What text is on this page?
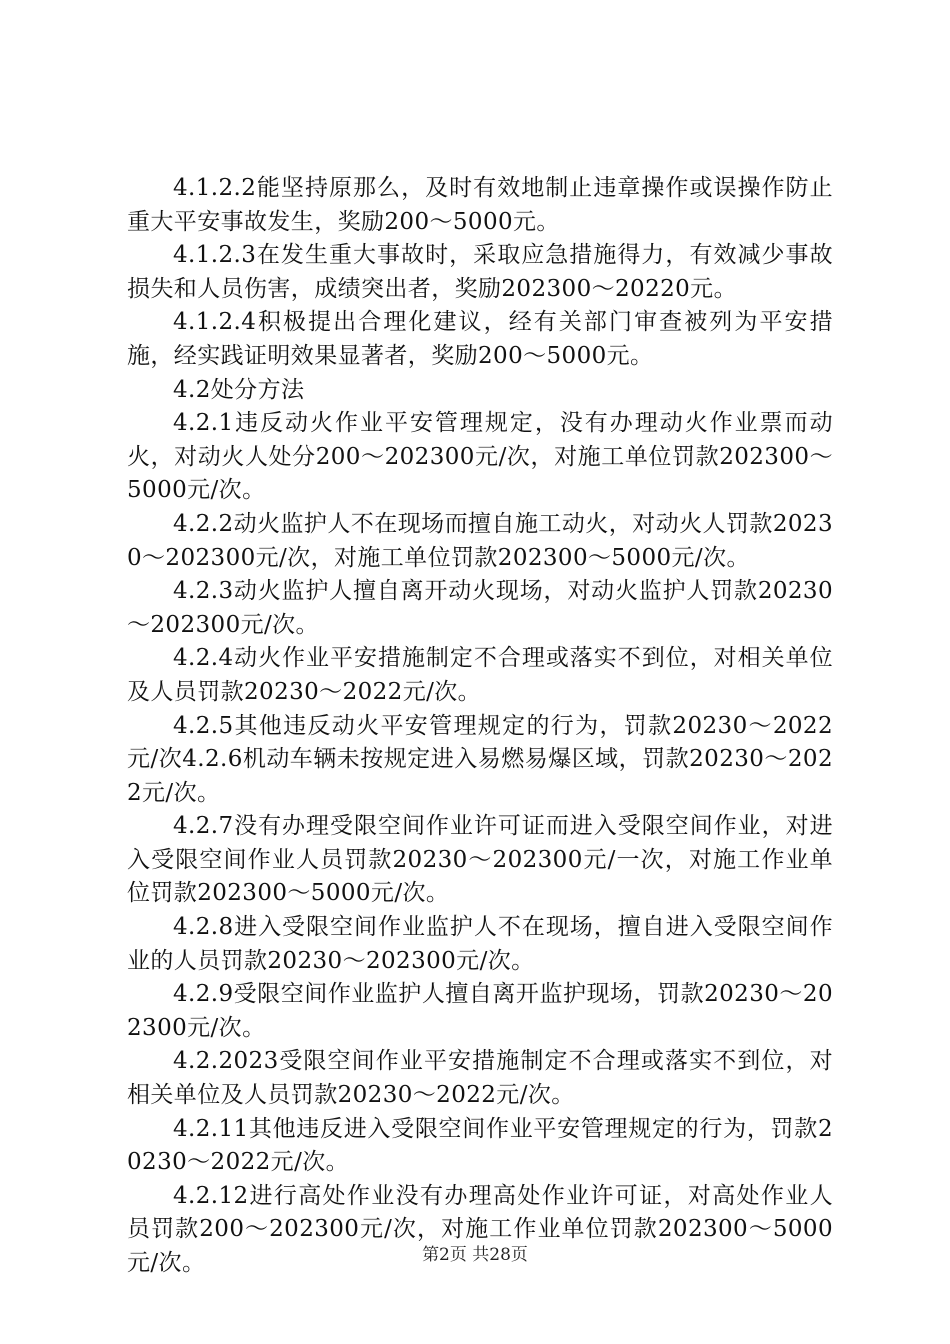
4.1.2.2能坚持原那么，及时有效地制止违章操作或误操作防止重大平安事故发生，奖励200～5000元。

4.1.2.3在发生重大事故时，采取应急措施得力，有效减少事故损失和人员伤害，成绩突出者，奖励202300～20220元。

4.1.2.4积极提出合理化建议，经有关部门审查被列为平安措施，经实践证明效果显著者，奖励200～5000元。

4.2处分方法

4.2.1违反动火作业平安管理规定，没有办理动火作业票而动火，对动火人处分200～202300元/次，对施工单位罚款202300～5000元/次。

4.2.2动火监护人不在现场而擅自施工动火，对动火人罚款20230～202300元/次，对施工单位罚款202300～5000元/次。

4.2.3动火监护人擅自离开动火现场，对动火监护人罚款20230～202300元/次。

4.2.4动火作业平安措施制定不合理或落实不到位，对相关单位及人员罚款20230～2022元/次。

4.2.5其他违反动火平安管理规定的行为，罚款20230～2022元/次4.2.6机动车辆未按规定进入易燃易爆区域，罚款20230～2022元/次。

4.2.7没有办理受限空间作业许可证而进入受限空间作业，对进入受限空间作业人员罚款20230～202300元/一次，对施工作业单位罚款202300～5000元/次。

4.2.8进入受限空间作业监护人不在现场，擅自进入受限空间作业的人员罚款20230～202300元/次。

4.2.9受限空间作业监护人擅自离开监护现场，罚款20230～202300元/次。

4.2.2023受限空间作业平安措施制定不合理或落实不到位，对相关单位及人员罚款20230～2022元/次。

4.2.11其他违反进入受限空间作业平安管理规定的行为，罚款20230～2022元/次。

4.2.12进行高处作业没有办理高处作业许可证，对高处作业人员罚款200～202300元/次，对施工作业单位罚款202300～5000元/次。	第2页 共28页
